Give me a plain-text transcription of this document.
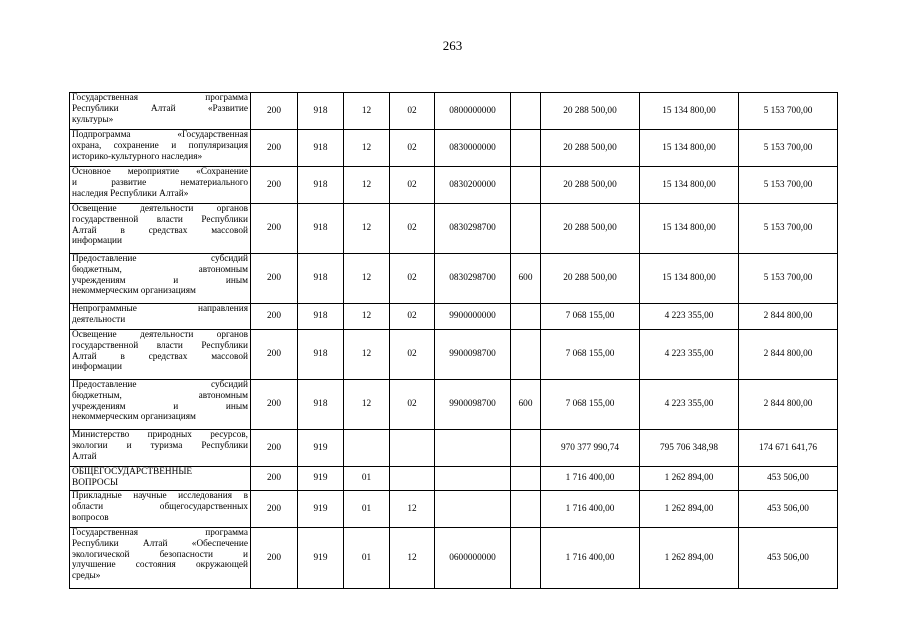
263
Государственная программа
Республики Алтай «Развитие
культуры»	200	918	12	02	0800000000		20 288 500,00	15 134 800,00	5 153 700,00

Подпрограмма «Государственная
охрана, сохранение и популяризация
историко-культурного наследия»	200	918	12	02	0830000000		20 288 500,00	15 134 800,00	5 153 700,00

Основное мероприятие «Сохранение
и развитие нематериального
наследия Республики Алтай»	200	918	12	02	0830200000		20 288 500,00	15 134 800,00	5 153 700,00

Освещение деятельности органов
государственной власти Республики
Алтай в средствах массовой
информации	200	918	12	02	0830298700		20 288 500,00	15 134 800,00	5 153 700,00

Предоставление субсидий
бюджетным, автономным
учреждениям и иным
некоммерческим организациям	200	918	12	02	0830298700	600	20 288 500,00	15 134 800,00	5 153 700,00

Непрограммные направления
деятельности	200	918	12	02	9900000000		7 068 155,00	4 223 355,00	2 844 800,00

Освещение деятельности органов
государственной власти Республики
Алтай в средствах массовой
информации	200	918	12	02	9900098700		7 068 155,00	4 223 355,00	2 844 800,00

Предоставление субсидий
бюджетным, автономным
учреждениям и иным
некоммерческим организациям	200	918	12	02	9900098700	600	7 068 155,00	4 223 355,00	2 844 800,00

Министерство природных ресурсов,
экологии и туризма Республики
Алтай	200	919					970 377 990,74	795 706 348,98	174 671 641,76

ОБЩЕГОСУДАРСТВЕННЫЕ
ВОПРОСЫ	200	919	01				1 716 400,00	1 262 894,00	453 506,00

Прикладные научные исследования в
области общегосударственных
вопросов	200	919	01	12			1 716 400,00	1 262 894,00	453 506,00

Государственная программа
Республики Алтай «Обеспечение
экологической безопасности и
улучшение состояния окружающей
среды»	200	919	01	12	0600000000		1 716 400,00	1 262 894,00	453 506,00
